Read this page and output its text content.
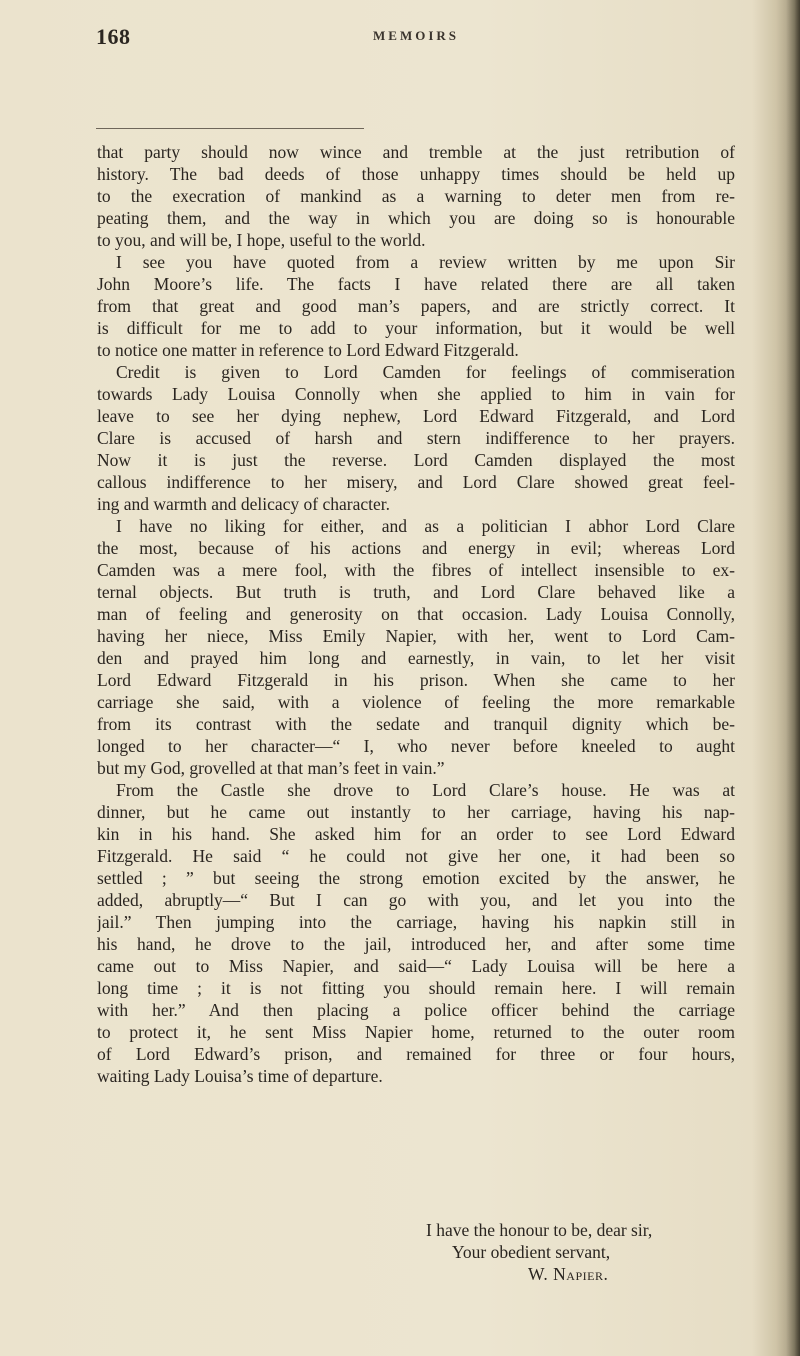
168	MEMOIRS
that party should now wince and tremble at the just retribution of
history. The bad deeds of those unhappy times should be held up
to the execration of mankind as a warning to deter men from re-
peating them, and the way in which you are doing so is honourable
to you, and will be, I hope, useful to the world.
I see you have quoted from a review written by me upon Sir
John Moore’s life. The facts I have related there are all taken
from that great and good man’s papers, and are strictly correct. It
is difficult for me to add to your information, but it would be well
to notice one matter in reference to Lord Edward Fitzgerald.
Credit is given to Lord Camden for feelings of commiseration
towards Lady Louisa Connolly when she applied to him in vain for
leave to see her dying nephew, Lord Edward Fitzgerald, and Lord
Clare is accused of harsh and stern indifference to her prayers.
Now it is just the reverse. Lord Camden displayed the most
callous indifference to her misery, and Lord Clare showed great feel-
ing and warmth and delicacy of character.
I have no liking for either, and as a politician I abhor Lord Clare
the most, because of his actions and energy in evil; whereas Lord
Camden was a mere fool, with the fibres of intellect insensible to ex-
ternal objects. But truth is truth, and Lord Clare behaved like a
man of feeling and generosity on that occasion. Lady Louisa Connolly,
having her niece, Miss Emily Napier, with her, went to Lord Cam-
den and prayed him long and earnestly, in vain, to let her visit
Lord Edward Fitzgerald in his prison. When she came to her
carriage she said, with a violence of feeling the more remarkable
from its contrast with the sedate and tranquil dignity which be-
longed to her character—“ I, who never before kneeled to aught
but my God, grovelled at that man’s feet in vain.”
From the Castle she drove to Lord Clare’s house. He was at
dinner, but he came out instantly to her carriage, having his nap-
kin in his hand. She asked him for an order to see Lord Edward
Fitzgerald. He said “ he could not give her one, it had been so
settled ; ” but seeing the strong emotion excited by the answer, he
added, abruptly—“ But I can go with you, and let you into the
jail.” Then jumping into the carriage, having his napkin still in
his hand, he drove to the jail, introduced her, and after some time
came out to Miss Napier, and said—“ Lady Louisa will be here a
long time ; it is not fitting you should remain here. I will remain
with her.” And then placing a police officer behind the carriage
to protect it, he sent Miss Napier home, returned to the outer room
of Lord Edward’s prison, and remained for three or four hours,
waiting Lady Louisa’s time of departure.
I have the honour to be, dear sir,
Your obedient servant,
W. Napier.
